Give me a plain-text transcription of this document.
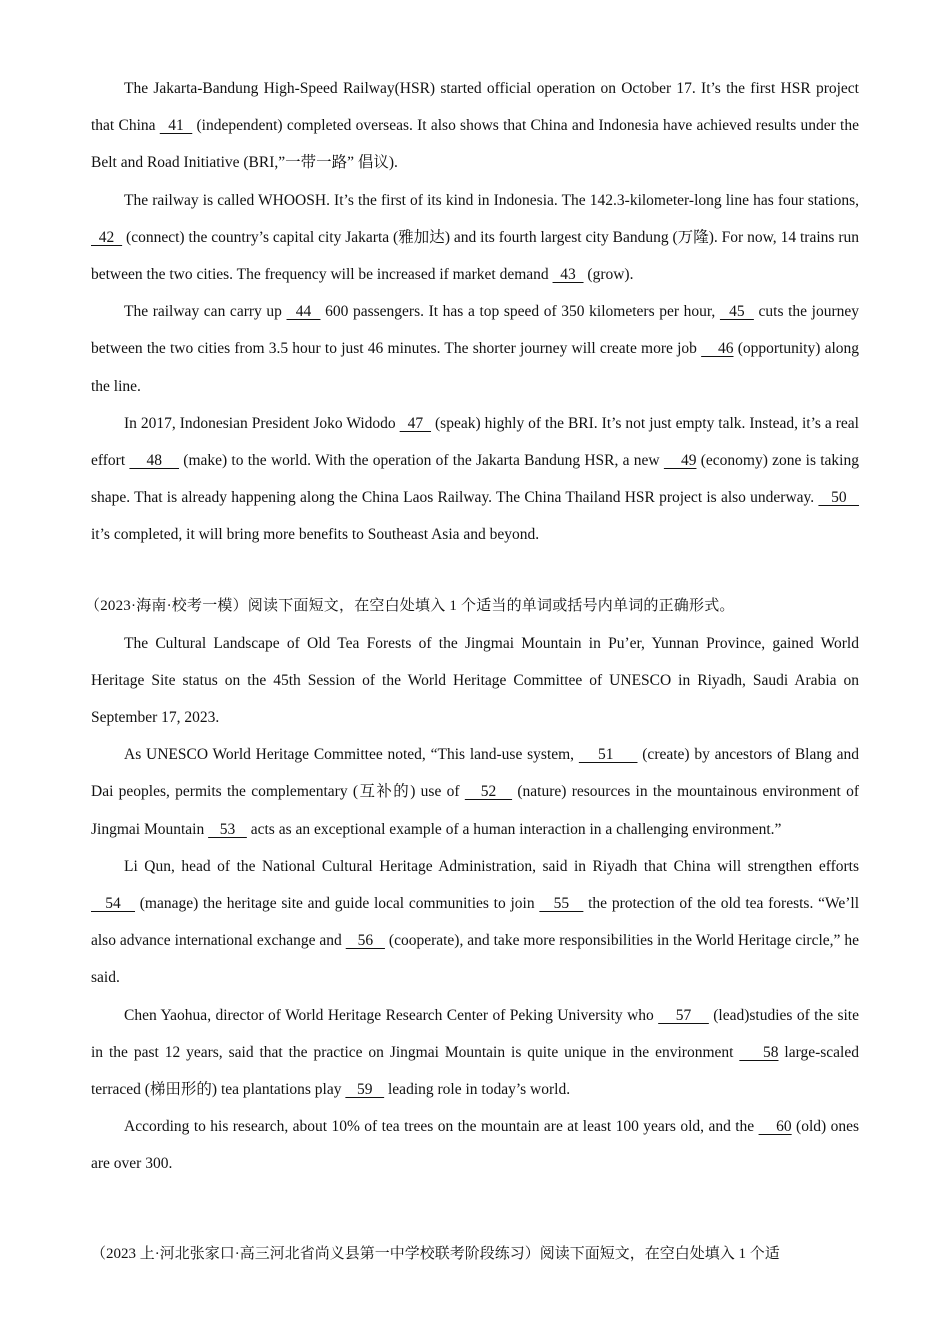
The Jakarta-Bandung High-Speed Railway(HSR) started official operation on October 17. It’s the first HSR project that China   41   (independent) completed overseas. It also shows that China and Indonesia have achieved results under the Belt and Road Initiative (BRI,”一带一路” 倡议).

The railway is called WHOOSH. It’s the first of its kind in Indonesia. The 142.3-kilometer-long line has four stations,   42   (connect) the country’s capital city Jakarta (雅加达) and its fourth largest city Bandung (万隆). For now, 14 trains run between the two cities. The frequency will be increased if market demand   43   (grow).

The railway can carry up   44   600 passengers. It has a top speed of 350 kilometers per hour,   45   cuts the journey between the two cities from 3.5 hour to just 46 minutes. The shorter journey will create more job     46 (opportunity) along the line.

In 2017, Indonesian President Joko Widodo   47   (speak) highly of the BRI. It’s not just empty talk. Instead, it’s a real effort     48     (make) to the world. With the operation of the Jakarta Bandung HSR, a new     49 (economy) zone is taking shape. That is already happening along the China Laos Railway. The China Thailand HSR project is also underway.    50    it’s completed, it will bring more benefits to Southeast Asia and beyond.

（2023·海南·校考一模）阅读下面短文，在空白处填入 1 个适当的单词或括号内单词的正确形式。

The Cultural Landscape of Old Tea Forests of the Jingmai Mountain in Pu’er, Yunnan Province, gained World Heritage Site status on the 45th Session of the World Heritage Committee of UNESCO in Riyadh, Saudi Arabia on September 17, 2023.

As UNESCO World Heritage Committee noted, “This land-use system,     51      (create) by ancestors of Blang and Dai peoples, permits the complementary (互补的) use of    52    (nature) resources in the mountainous environment of Jingmai Mountain    53    acts as an exceptional example of a human interaction in a challenging environment.”

Li Qun, head of the National Cultural Heritage Administration, said in Riyadh that China will strengthen efforts    54    (manage) the heritage site and guide local communities to join    55    the protection of the old tea forests. “We’ll also advance international exchange and    56    (cooperate), and take more responsibilities in the World Heritage circle,” he said.

Chen Yaohua, director of World Heritage Research Center of Peking University who     57     (lead)studies of the site in the past 12 years, said that the practice on Jingmai Mountain is quite unique in the environment     58 large-scaled terraced (梯田形的) tea plantations play    59    leading role in today’s world.

According to his research, about 10% of tea trees on the mountain are at least 100 years old, and the     60 (old) ones are over 300.

（2023 上·河北张家口·高三河北省尚义县第一中学校联考阶段练习）阅读下面短文，在空白处填入 1 个适
